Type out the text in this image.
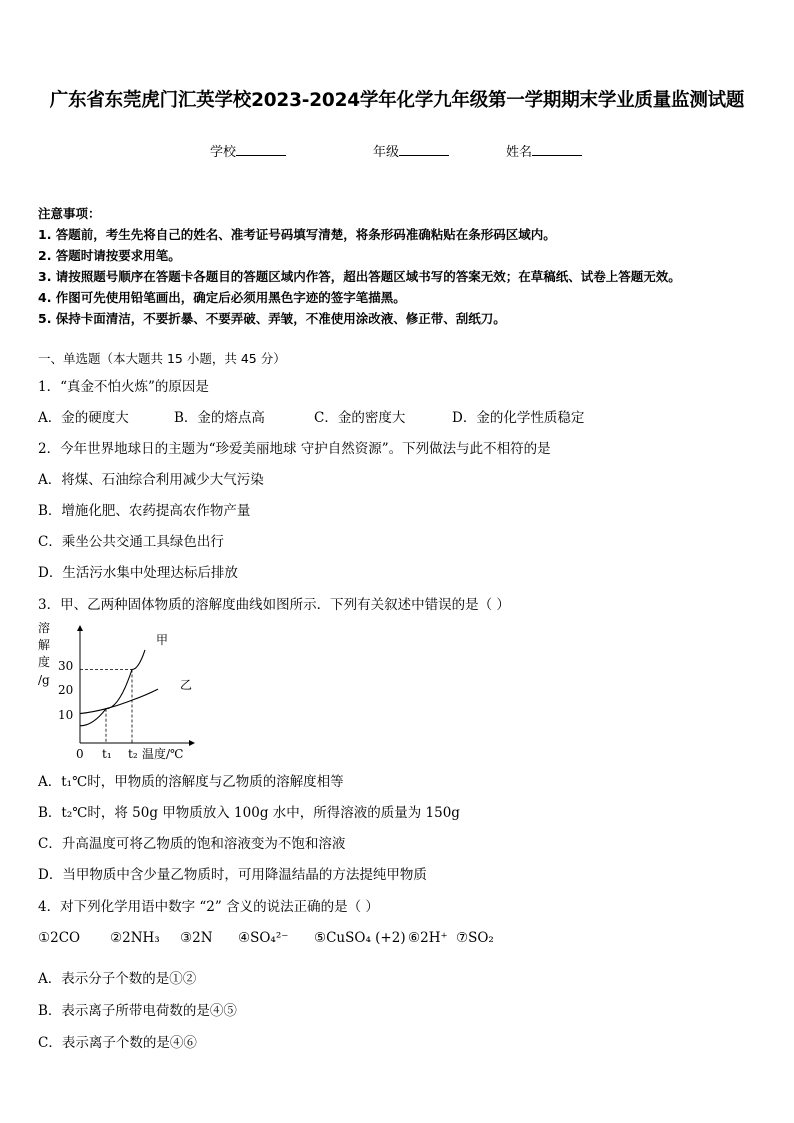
广东省东莞虎门汇英学校2023-2024学年化学九年级第一学期期末学业质量监测试题
学校	年级	姓名
注意事项：
1. 答题前，考生先将自己的姓名、准考证号码填写清楚，将条形码准确粘贴在条形码区域内。
2. 答题时请按要求用笔。
3. 请按照题号顺序在答题卡各题目的答题区域内作答，超出答题区域书写的答案无效；在草稿纸、试卷上答题无效。
4. 作图可先使用铅笔画出，确定后必须用黑色字迹的签字笔描黑。
5. 保持卡面清洁，不要折暴、不要弄破、弄皱，不准使用涂改液、修正带、刮纸刀。
一、单选题（本大题共 15 小题，共 45 分）
1．“真金不怕火炼”的原因是
A．金的硬度大	B．金的熔点高	C．金的密度大	D．金的化学性质稳定
2．今年世界地球日的主题为“珍爱美丽地球 守护自然资源”。下列做法与此不相符的是
A．将煤、石油综合利用减少大气污染
B．增施化肥、农药提高农作物产量
C．乘坐公共交通工具绿色出行
D．生活污水集中处理达标后排放
3．甲、乙两种固体物质的溶解度曲线如图所示．下列有关叙述中错误的是（ ）
溶
解
度
/g
10
20
30
0 t₁ t₂ 温度/℃
甲
乙
A．t₁℃时，甲物质的溶解度与乙物质的溶解度相等
B．t₂℃时，将 50g 甲物质放入 100g 水中，所得溶液的质量为 150g
C．升高温度可将乙物质的饱和溶液变为不饱和溶液
D．当甲物质中含少量乙物质时，可用降温结晶的方法提纯甲物质
4．对下列化学用语中数字 “2” 含义的说法正确的是（ ）
①2CO ②2NH₃ ③2N ④SO₄²⁻ ⑤CuSO₄ (+2) ⑥2H⁺ ⑦SO₂
A．表示分子个数的是①②
B．表示离子所带电荷数的是④⑤
C．表示离子个数的是④⑥
